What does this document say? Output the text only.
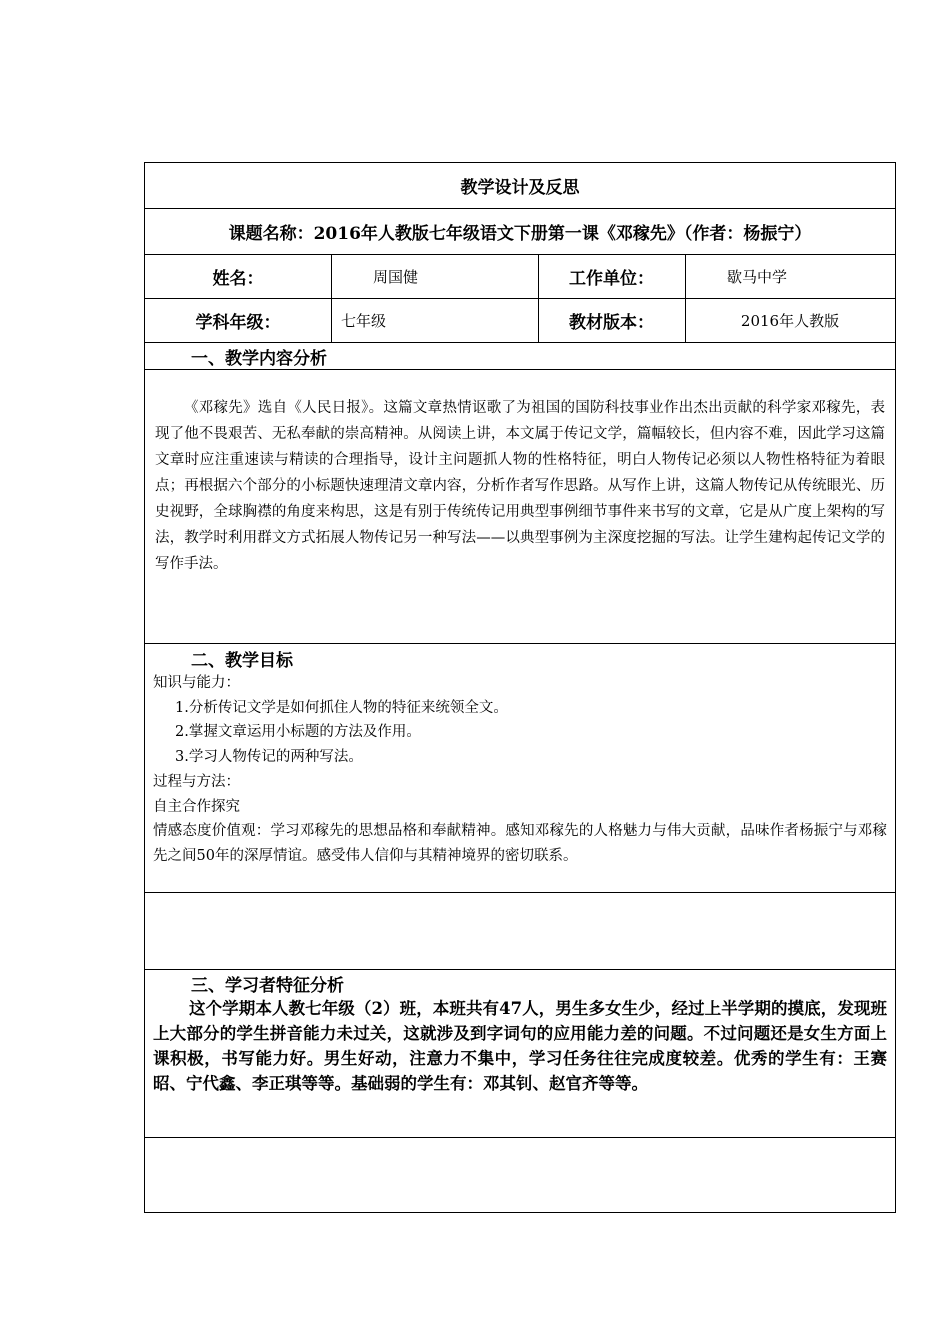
教学设计及反思
课题名称：2016年人教版七年级语文下册第一课《邓稼先》（作者：杨振宁）
姓名：	周国健	工作单位：	歇马中学
学科年级：	七年级	教材版本：	2016年人教版
一、教学内容分析
《邓稼先》选自《人民日报》。这篇文章热情讴歌了为祖国的国防科技事业作出杰出贡献的科学家邓稼先，表现了他不畏艰苦、无私奉献的崇高精神。从阅读上讲，本文属于传记文学，篇幅较长，但内容不难，因此学习这篇文章时应注重速读与精读的合理指导，设计主问题抓人物的性格特征，明白人物传记必须以人物性格特征为着眼点；再根据六个部分的小标题快速理清文章内容，分析作者写作思路。从写作上讲，这篇人物传记从传统眼光、历史视野，全球胸襟的角度来构思，这是有别于传统传记用典型事例细节事件来书写的文章，它是从广度上架构的写法，教学时利用群文方式拓展人物传记另一种写法——以典型事例为主深度挖掘的写法。让学生建构起传记文学的写作手法。
二、教学目标
知识与能力：
1.分析传记文学是如何抓住人物的特征来统领全文。
2.掌握文章运用小标题的方法及作用。
3.学习人物传记的两种写法。
过程与方法：
自主合作探究
情感态度价值观：学习邓稼先的思想品格和奉献精神。感知邓稼先的人格魅力与伟大贡献，品味作者杨振宁与邓稼先之间50年的深厚情谊。感受伟人信仰与其精神境界的密切联系。
三、学习者特征分析
这个学期本人教七年级（2）班，本班共有47人，男生多女生少，经过上半学期的摸底，发现班上大部分的学生拼音能力未过关，这就涉及到字词句的应用能力差的问题。不过问题还是女生方面上课积极，书写能力好。男生好动，注意力不集中，学习任务往往完成度较差。优秀的学生有：王赛昭、宁代鑫、李正琪等等。基础弱的学生有：邓其钊、赵官齐等等。
